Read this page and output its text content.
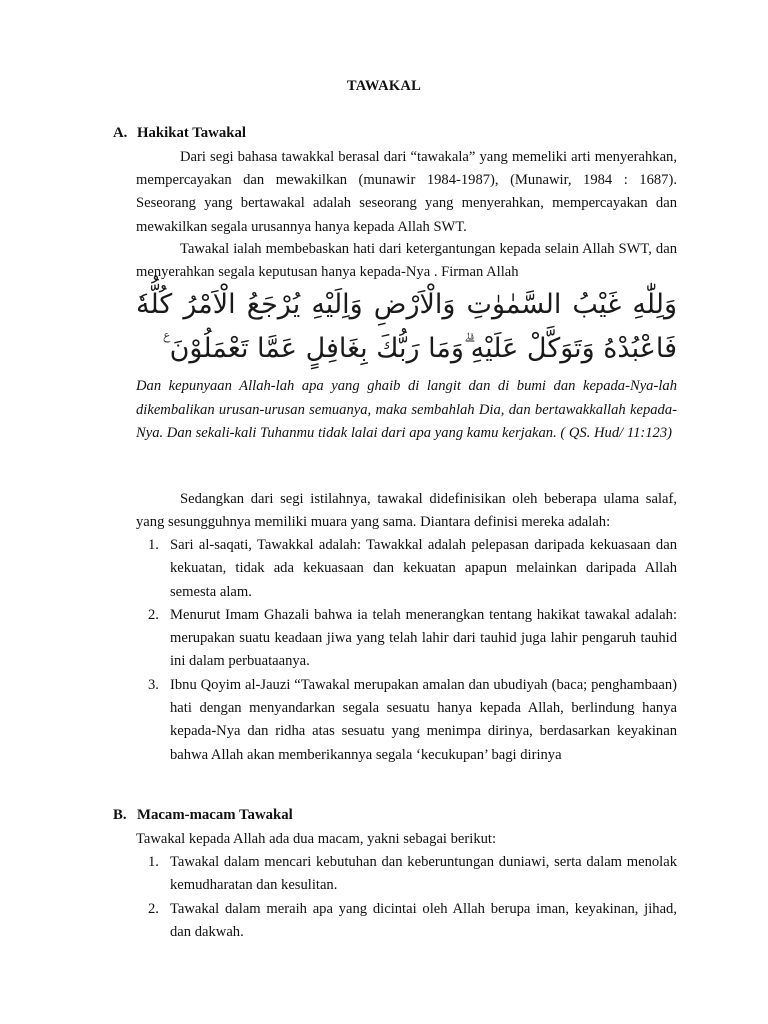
TAWAKAL
A. Hakikat Tawakal

Dari segi bahasa tawakkal berasal dari “tawakala” yang memeliki arti menyerahkan, mempercayakan dan mewakilkan (munawir 1984-1987), (Munawir, 1984 : 1687). Seseorang yang bertawakal adalah seseorang yang menyerahkan, mempercayakan dan mewakilkan segala urusannya hanya kepada Allah SWT.

Tawakal ialah membebaskan hati dari ketergantungan kepada selain Allah SWT, dan menyerahkan segala keputusan hanya kepada-Nya . Firman Allah

وَلِلّٰهِ غَيْبُ السَّمٰوٰتِ وَالْاَرْضِ وَاِلَيْهِ يُرْجَعُ الْاَمْرُ كُلُّهٗ فَاعْبُدْهُ وَتَوَكَّلْ عَلَيْهِ ۗوَمَا رَبُّكَ بِغَافِلٍ عَمَّا تَعْمَلُوْنَ ࣖ

Dan kepunyaan Allah-lah apa yang ghaib di langit dan di bumi dan kepada-Nya-lah dikembalikan urusan-urusan semuanya, maka sembahlah Dia, dan bertawakkallah kepada-Nya. Dan sekali-kali Tuhanmu tidak lalai dari apa yang kamu kerjakan. ( QS. Hud/ 11:123)

Sedangkan dari segi istilahnya, tawakal didefinisikan oleh beberapa ulama salaf, yang sesungguhnya memiliki muara yang sama. Diantara definisi mereka adalah:

1. Sari al-saqati, Tawakkal adalah: Tawakkal adalah pelepasan daripada kekuasaan dan kekuatan, tidak ada kekuasaan dan kekuatan apapun melainkan daripada Allah semesta alam.
2. Menurut Imam Ghazali bahwa ia telah menerangkan tentang hakikat tawakal adalah: merupakan suatu keadaan jiwa yang telah lahir dari tauhid juga lahir pengaruh tauhid ini dalam perbuataanya.
3. Ibnu Qoyim al-Jauzi “Tawakal merupakan amalan dan ubudiyah (baca; penghambaan) hati dengan menyandarkan segala sesuatu hanya kepada Allah, berlindung hanya kepada-Nya dan ridha atas sesuatu yang menimpa dirinya, berdasarkan keyakinan bahwa Allah akan memberikannya segala ‘kecukupan’ bagi dirinya
B. Macam-macam Tawakal

Tawakal kepada Allah ada dua macam, yakni sebagai berikut:

1. Tawakal dalam mencari kebutuhan dan keberuntungan duniawi, serta dalam menolak kemudharatan dan kesulitan.
2. Tawakal dalam meraih apa yang dicintai oleh Allah berupa iman, keyakinan, jihad, dan dakwah.
